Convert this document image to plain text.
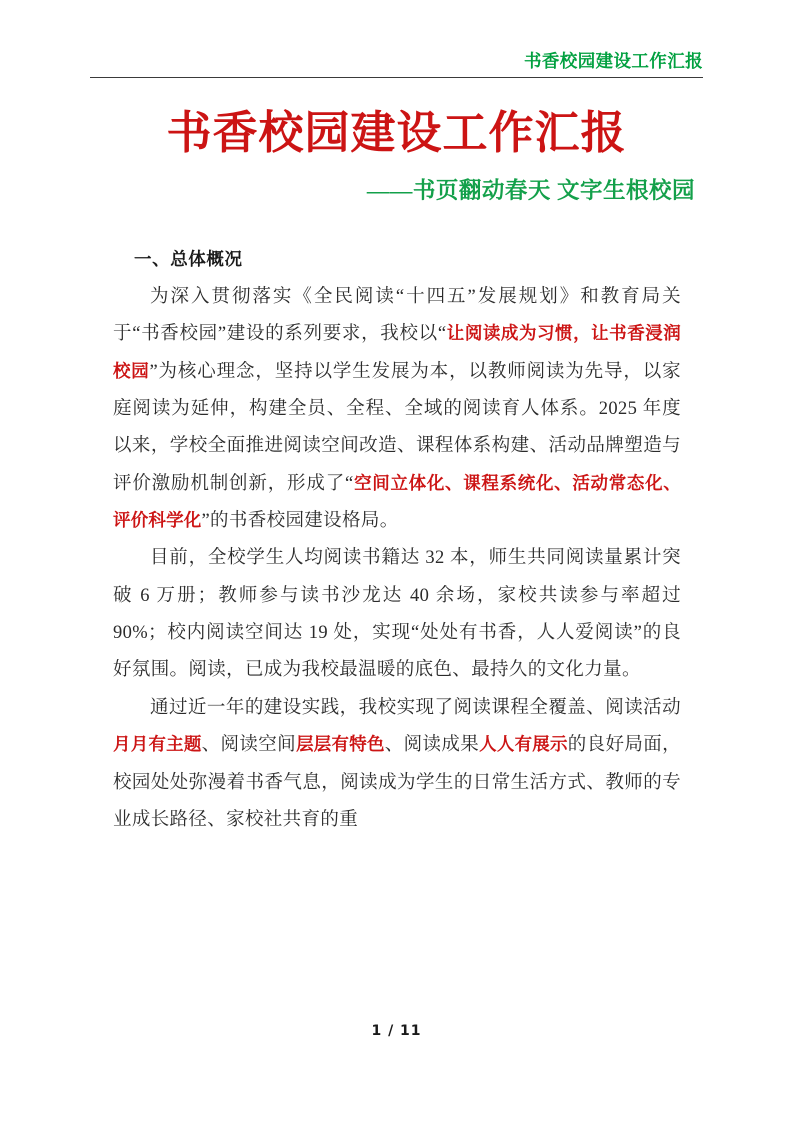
书香校园建设工作汇报
书香校园建设工作汇报
——书页翻动春天 文字生根校园
一、总体概况

为深入贯彻落实《全民阅读“十四五”发展规划》和教育局关于“书香校园”建设的系列要求，我校以“让阅读成为习惯，让书香浸润校园”为核心理念，坚持以学生发展为本，以教师阅读为先导，以家庭阅读为延伸，构建全员、全程、全域的阅读育人体系。2025 年度以来，学校全面推进阅读空间改造、课程体系构建、活动品牌塑造与评价激励机制创新，形成了“空间立体化、课程系统化、活动常态化、评价科学化”的书香校园建设格局。

目前，全校学生人均阅读书籍达 32 本，师生共同阅读量累计突破 6 万册；教师参与读书沙龙达 40 余场，家校共读参与率超过 90%；校内阅读空间达 19 处，实现“处处有书香，人人爱阅读”的良好氛围。阅读，已成为我校最温暖的底色、最持久的文化力量。

通过近一年的建设实践，我校实现了阅读课程全覆盖、阅读活动月月有主题、阅读空间层层有特色、阅读成果人人有展示的良好局面，校园处处弥漫着书香气息，阅读成为学生的日常生活方式、教师的专业成长路径、家校社共育的重

1 / 11
